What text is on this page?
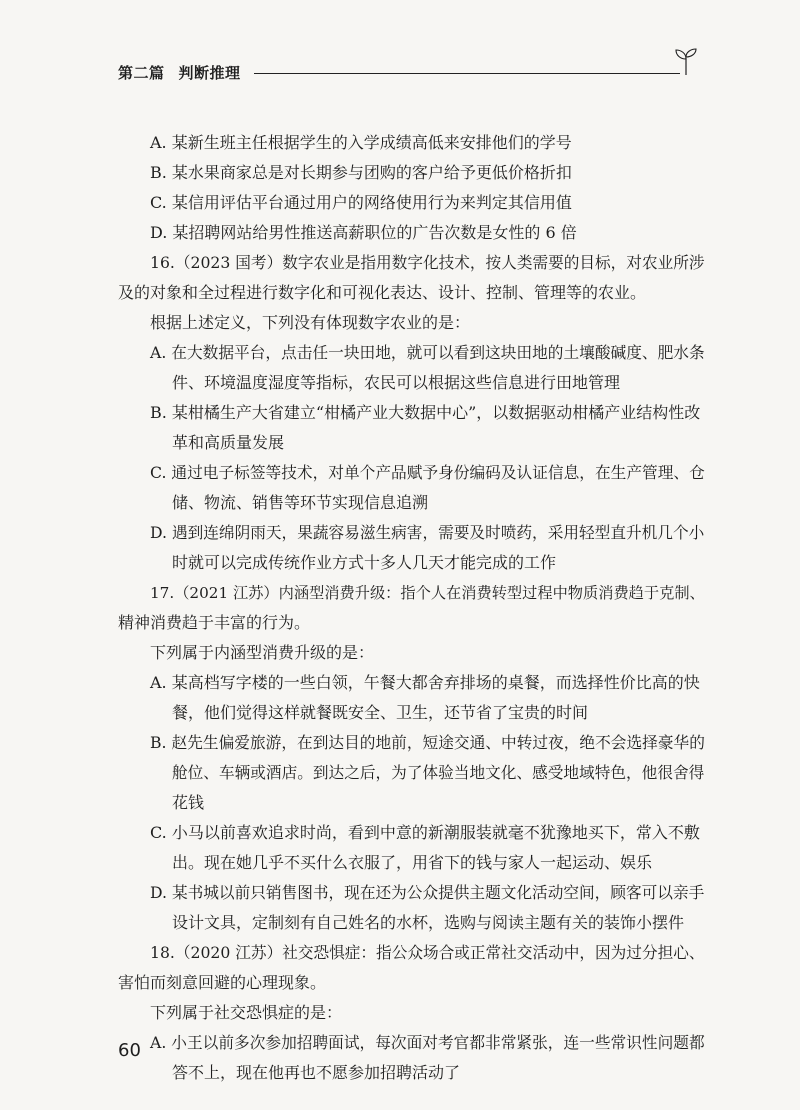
第二篇 判断推理
A. 某新生班主任根据学生的入学成绩高低来安排他们的学号
B. 某水果商家总是对长期参与团购的客户给予更低价格折扣
C. 某信用评估平台通过用户的网络使用行为来判定其信用值
D. 某招聘网站给男性推送高薪职位的广告次数是女性的 6 倍
16.（2023 国考）数字农业是指用数字化技术，按人类需要的目标，对农业所涉
及的对象和全过程进行数字化和可视化表达、设计、控制、管理等的农业。
根据上述定义，下列没有体现数字农业的是：
A. 在大数据平台，点击任一块田地，就可以看到这块田地的土壤酸碱度、肥水条
件、环境温度湿度等指标，农民可以根据这些信息进行田地管理
B. 某柑橘生产大省建立“柑橘产业大数据中心”，以数据驱动柑橘产业结构性改
革和高质量发展
C. 通过电子标签等技术，对单个产品赋予身份编码及认证信息，在生产管理、仓
储、物流、销售等环节实现信息追溯
D. 遇到连绵阴雨天，果蔬容易滋生病害，需要及时喷药，采用轻型直升机几个小
时就可以完成传统作业方式十多人几天才能完成的工作
17.（2021 江苏）内涵型消费升级：指个人在消费转型过程中物质消费趋于克制、
精神消费趋于丰富的行为。
下列属于内涵型消费升级的是：
A. 某高档写字楼的一些白领，午餐大都舍弃排场的桌餐，而选择性价比高的快
餐，他们觉得这样就餐既安全、卫生，还节省了宝贵的时间
B. 赵先生偏爱旅游，在到达目的地前，短途交通、中转过夜，绝不会选择豪华的
舱位、车辆或酒店。到达之后，为了体验当地文化、感受地域特色，他很舍得
花钱
C. 小马以前喜欢追求时尚，看到中意的新潮服装就毫不犹豫地买下，常入不敷
出。现在她几乎不买什么衣服了，用省下的钱与家人一起运动、娱乐
D. 某书城以前只销售图书，现在还为公众提供主题文化活动空间，顾客可以亲手
设计文具，定制刻有自己姓名的水杯，选购与阅读主题有关的装饰小摆件
18.（2020 江苏）社交恐惧症：指公众场合或正常社交活动中，因为过分担心、
害怕而刻意回避的心理现象。
下列属于社交恐惧症的是：
A. 小王以前多次参加招聘面试，每次面对考官都非常紧张，连一些常识性问题都
答不上，现在他再也不愿参加招聘活动了
60
